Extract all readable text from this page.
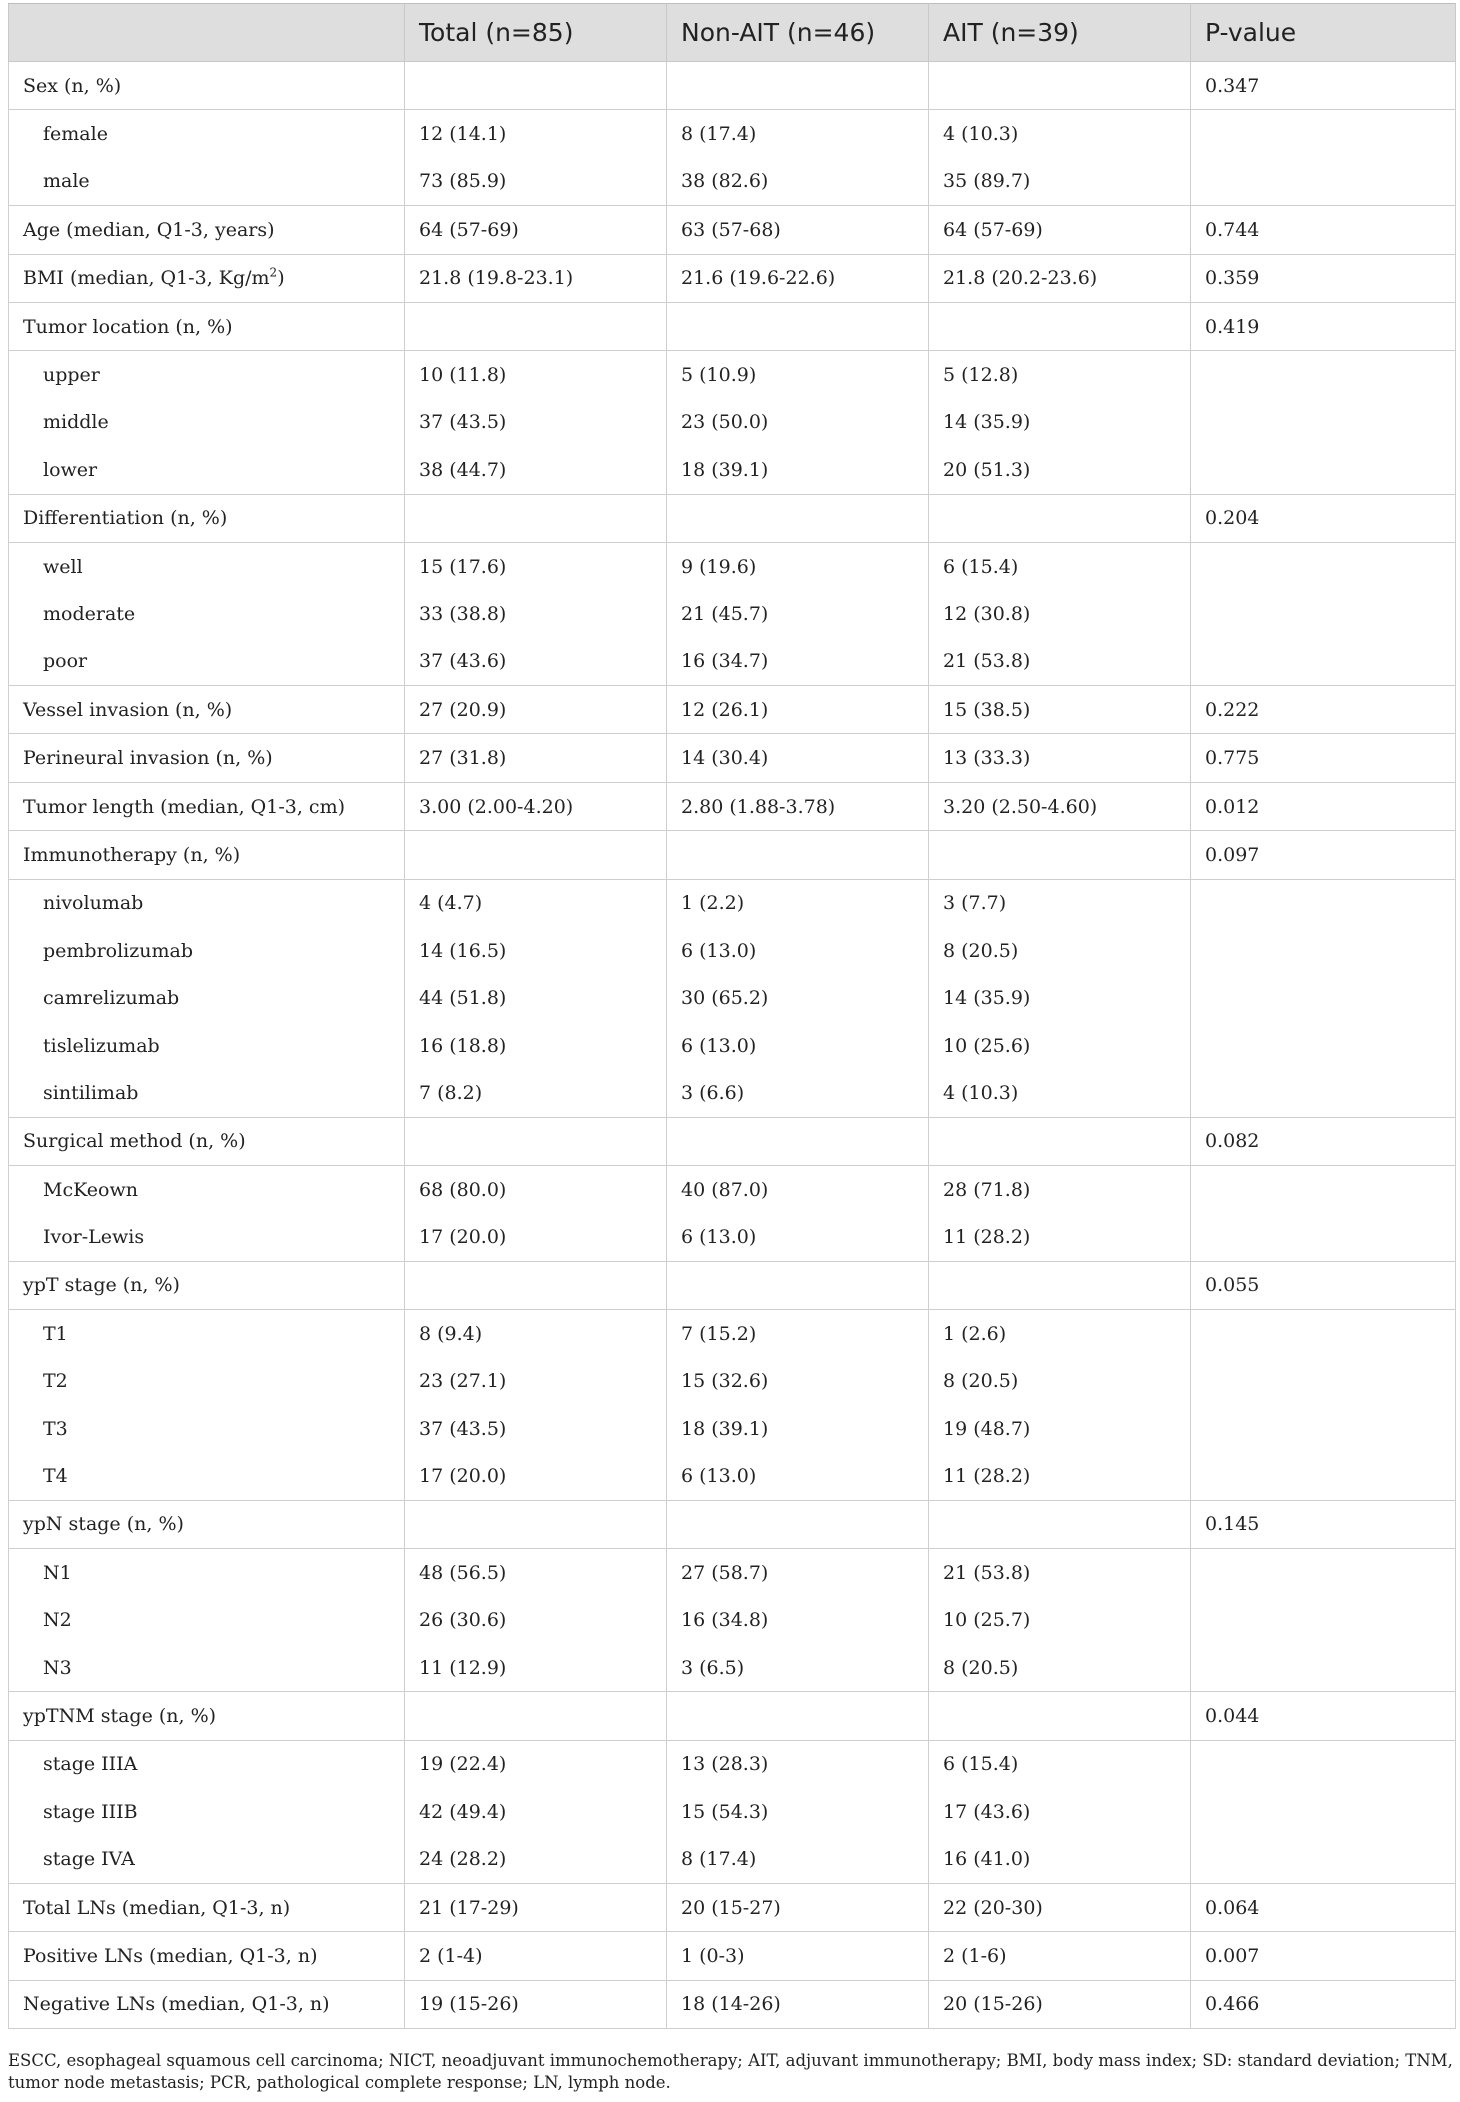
	Total (n=85)	Non-AIT (n=46)	AIT (n=39)	P-value
Sex (n, %)				0.347
female	12 (14.1)	8 (17.4)	4 (10.3)	
male	73 (85.9)	38 (82.6)	35 (89.7)	
Age (median, Q1-3, years)	64 (57-69)	63 (57-68)	64 (57-69)	0.744
BMI (median, Q1-3, $Kg/m^2$)	21.8 (19.8-23.1)	21.6 (19.6-22.6)	21.8 (20.2-23.6)	0.359
Tumor location (n, %)				0.419
upper	10 (11.8)	5 (10.9)	5 (12.8)	
middle	37 (43.5)	23 (50.0)	14 (35.9)	
lower	38 (44.7)	18 (39.1)	20 (51.3)	
Differentiation (n, %)				0.204
well	15 (17.6)	9 (19.6)	6 (15.4)	
moderate	33 (38.8)	21 (45.7)	12 (30.8)	
poor	37 (43.6)	16 (34.7)	21 (53.8)	
Vessel invasion (n, %)	27 (20.9)	12 (26.1)	15 (38.5)	0.222
Perineural invasion (n, %)	27 (31.8)	14 (30.4)	13 (33.3)	0.775
Tumor length (median, Q1-3, cm)	3.00 (2.00-4.20)	2.80 (1.88-3.78)	3.20 (2.50-4.60)	0.012
Immunotherapy (n, %)				0.097
nivolumab	4 (4.7)	1 (2.2)	3 (7.7)	
pembrolizumab	14 (16.5)	6 (13.0)	8 (20.5)	
camrelizumab	44 (51.8)	30 (65.2)	14 (35.9)	
tislelizumab	16 (18.8)	6 (13.0)	10 (25.6)	
sintilimab	7 (8.2)	3 (6.6)	4 (10.3)	
Surgical method (n, %)				0.082
McKeown	68 (80.0)	40 (87.0)	28 (71.8)	
Ivor-Lewis	17 (20.0)	6 (13.0)	11 (28.2)	
ypT stage (n, %)				0.055
T1	8 (9.4)	7 (15.2)	1 (2.6)	
T2	23 (27.1)	15 (32.6)	8 (20.5)	
T3	37 (43.5)	18 (39.1)	19 (48.7)	
T4	17 (20.0)	6 (13.0)	11 (28.2)	
ypN stage (n, %)				0.145
N1	48 (56.5)	27 (58.7)	21 (53.8)	
N2	26 (30.6)	16 (34.8)	10 (25.7)	
N3	11 (12.9)	3 (6.5)	8 (20.5)	
ypTNM stage (n, %)				0.044
stage IIIA	19 (22.4)	13 (28.3)	6 (15.4)	
stage IIIB	42 (49.4)	15 (54.3)	17 (43.6)	
stage IVA	24 (28.2)	8 (17.4)	16 (41.0)	
Total LNs (median, Q1-3, n)	21 (17-29)	20 (15-27)	22 (20-30)	0.064
Positive LNs (median, Q1-3, n)	2 (1-4)	1 (0-3)	2 (1-6)	0.007
Negative LNs (median, Q1-3, n)	19 (15-26)	18 (14-26)	20 (15-26)	0.466
ESCC, esophageal squamous cell carcinoma; NICT, neoadjuvant immunochemotherapy; AIT, adjuvant immunotherapy; BMI, body mass index; SD: standard deviation; TNM, tumor node metastasis; PCR, pathological complete response; LN, lymph node.
